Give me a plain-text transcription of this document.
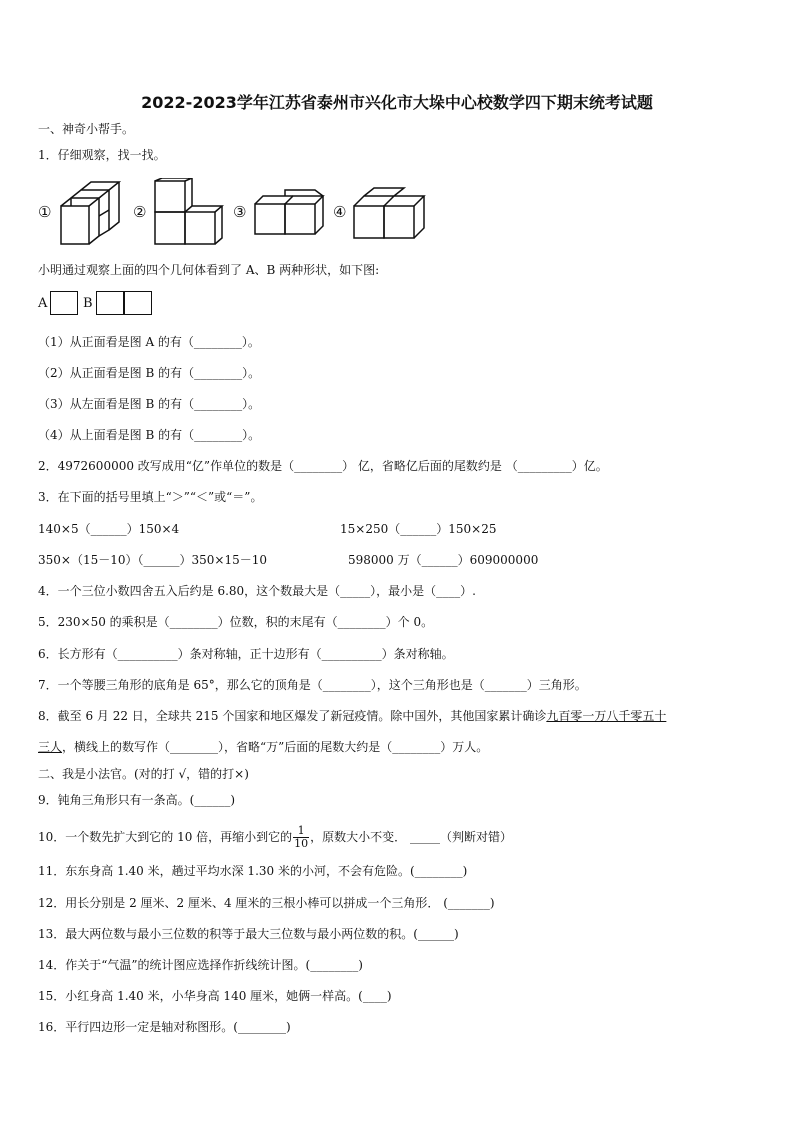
2022-2023学年江苏省泰州市兴化市大垛中心校数学四下期末统考试题
一、神奇小帮手。
1．仔细观察，找一找。
①	②	③	④
小明通过观察上面的四个几何体看到了 A、B 两种形状，如下图:
A	B
（1）从正面看是图 A 的有（________）。
（2）从正面看是图 B 的有（________）。
（3）从左面看是图 B 的有（________）。
（4）从上面看是图 B 的有（________）。
2．4972600000 改写成用“亿”作单位的数是（________） 亿，省略亿后面的尾数约是 （_________）亿。
3．在下面的括号里填上“＞”“＜”或“＝”。
140×5（______）150×4	15×250（______）150×25
350×（15－10）（______）350×15－10	598000 万（______）609000000
4．一个三位小数四舍五入后约是 6.80，这个数最大是（_____），最小是（____）.
5．230×50 的乘积是（________）位数，积的末尾有（________）个 0。
6．长方形有（__________）条对称轴，正十边形有（__________）条对称轴。
7．一个等腰三角形的底角是 65°，那么它的顶角是（________），这个三角形也是（_______）三角形。
8．截至 6 月 22 日，全球共 215 个国家和地区爆发了新冠疫情。除中国外，其他国家累计确诊九百零一万八千零五十
三人，横线上的数写作（________），省略“万”后面的尾数大约是（________）万人。
二、我是小法官。(对的打 √，错的打×)
9．钝角三角形只有一条高。(______)
10．一个数先扩大到它的 10 倍，再缩小到它的 $\frac{1}{10}$ ，原数大小不变． _____（判断对错）
11．东东身高 1.40 米，趟过平均水深 1.30 米的小河，不会有危险。(________)
12．用长分别是 2 厘米、2 厘米、4 厘米的三根小棒可以拼成一个三角形． (_______)
13．最大两位数与最小三位数的积等于最大三位数与最小两位数的积。(______)
14．作关于“气温”的统计图应选择作折线统计图。(________)
15．小红身高 1.40 米，小华身高 140 厘米，她俩一样高。(____)
16．平行四边形一定是轴对称图形。(________)
